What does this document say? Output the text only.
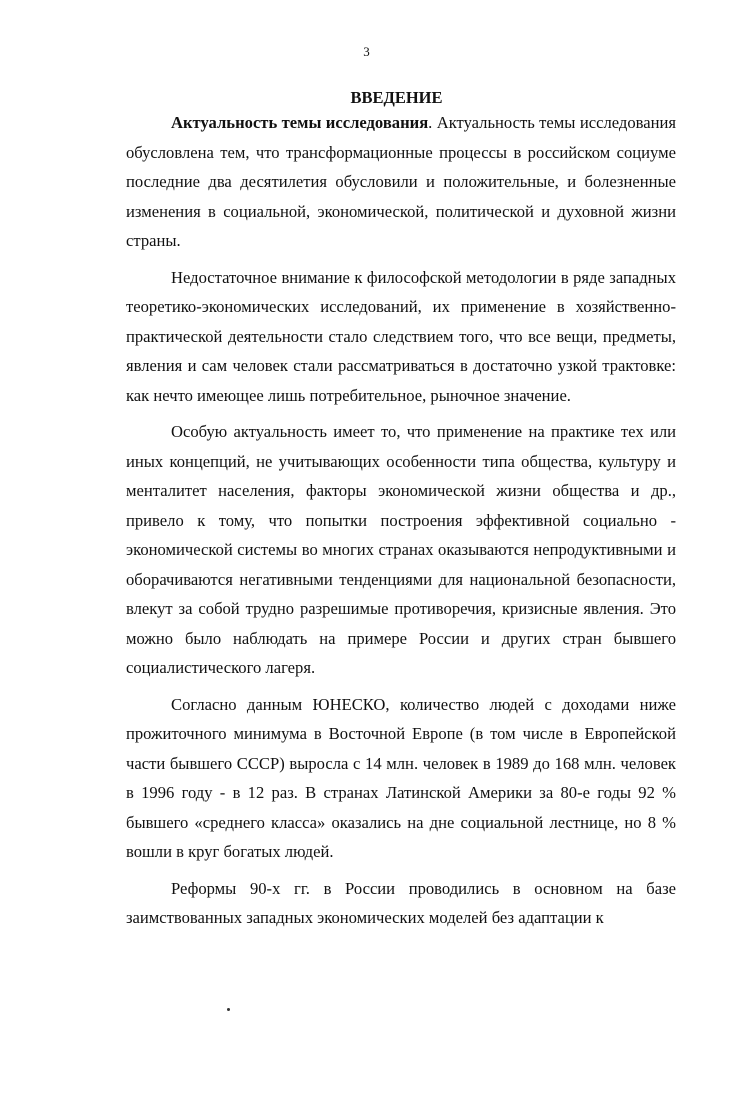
3
ВВЕДЕНИЕ

Актуальность темы исследования. Актуальность темы исследования обусловлена тем, что трансформационные процессы в российском социуме последние два десятилетия обусловили и положительные, и болезненные изменения в социальной, экономической, политической и духовной жизни страны.

Недостаточное внимание к философской методологии в ряде западных теоретико-экономических исследований, их применение в хозяйственно-практической деятельности стало следствием того, что все вещи, предметы, явления и сам человек стали рассматриваться в достаточно узкой трактовке: как нечто имеющее лишь потребительное, рыночное значение.

Особую актуальность имеет то, что применение на практике тех или иных концепций, не учитывающих особенности типа общества, культуру и менталитет населения, факторы экономической жизни общества и др., привело к тому, что попытки построения эффективной социально - экономической системы во многих странах оказываются непродуктивными и оборачиваются негативными тенденциями для национальной безопасности, влекут за собой трудно разрешимые противоречия, кризисные явления. Это можно было наблюдать на примере России и других стран бывшего социалистического лагеря.

Согласно данным ЮНЕСКО, количество людей с доходами ниже прожиточного минимума в Восточной Европе (в том числе в Европейской части бывшего СССР) выросла с 14 млн. человек в 1989 до 168 млн. человек в 1996 году - в 12 раз. В странах Латинской Америки за 80-е годы 92 % бывшего «среднего класса» оказались на дне социальной лестнице, но 8 % вошли в круг богатых людей.

Реформы 90-х гг. в России проводились в основном на базе заимствованных западных экономических моделей без адаптации к
